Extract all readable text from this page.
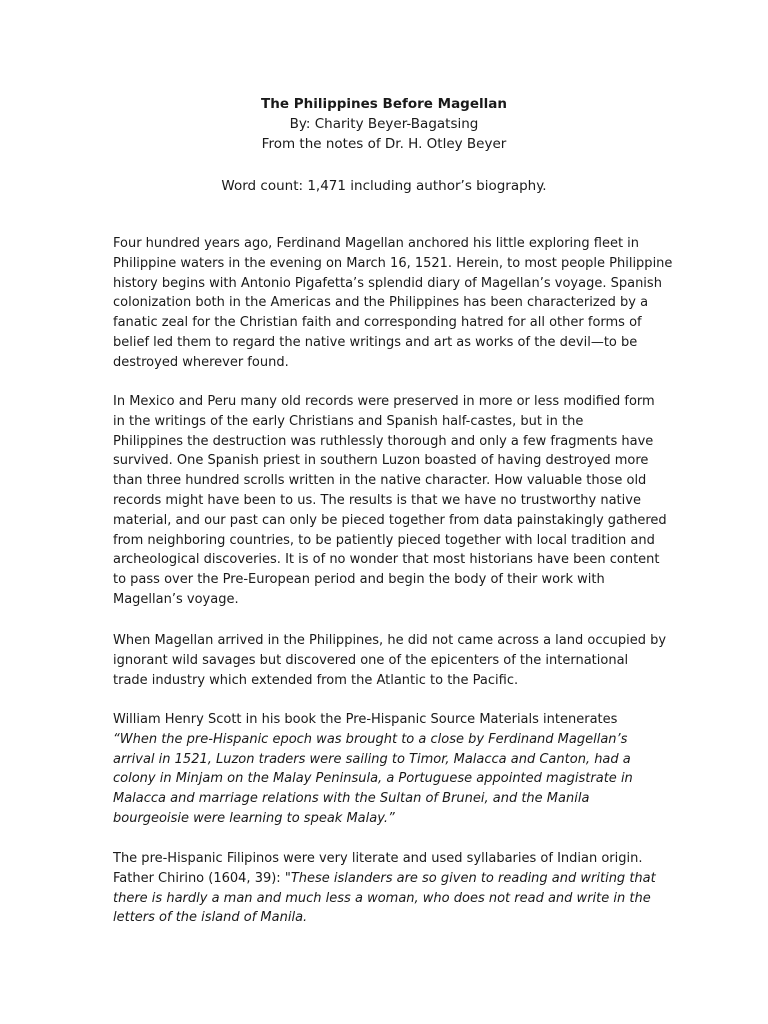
The Philippines Before Magellan

By: Charity Beyer-Bagatsing

From the notes of Dr. H. Otley Beyer

Word count: 1,471 including author’s biography.

Four hundred years ago, Ferdinand Magellan anchored his little exploring fleet in
Philippine waters in the evening on March 16, 1521. Herein, to most people Philippine
history begins with Antonio Pigafetta’s splendid diary of Magellan’s voyage. Spanish
colonization both in the Americas and the Philippines has been characterized by a
fanatic zeal for the Christian faith and corresponding hatred for all other forms of
belief led them to regard the native writings and art as works of the devil—to be
destroyed wherever found.

In Mexico and Peru many old records were preserved in more or less modified form
in the writings of the early Christians and Spanish half-castes, but in the
Philippines the destruction was ruthlessly thorough and only a few fragments have
survived. One Spanish priest in southern Luzon boasted of having destroyed more
than three hundred scrolls written in the native character. How valuable those old
records might have been to us. The results is that we have no trustworthy native
material, and our past can only be pieced together from data painstakingly gathered
from neighboring countries, to be patiently pieced together with local tradition and
archeological discoveries. It is of no wonder that most historians have been content
to pass over the Pre-European period and begin the body of their work with
Magellan’s voyage.

When Magellan arrived in the Philippines, he did not came across a land occupied by
ignorant wild savages but discovered one of the epicenters of the international
trade industry which extended from the Atlantic to the Pacific.

William Henry Scott in his book the Pre-Hispanic Source Materials intenerates
“When the pre-Hispanic epoch was brought to a close by Ferdinand Magellan’s
arrival in 1521, Luzon traders were sailing to Timor, Malacca and Canton, had a
colony in Minjam on the Malay Peninsula, a Portuguese appointed magistrate in
Malacca and marriage relations with the Sultan of Brunei, and the Manila
bourgeoisie were learning to speak Malay.”

The pre-Hispanic Filipinos were very literate and used syllabaries of Indian origin.
Father Chirino (1604, 39): "These islanders are so given to reading and writing that
there is hardly a man and much less a woman, who does not read and write in the
letters of the island of Manila.
